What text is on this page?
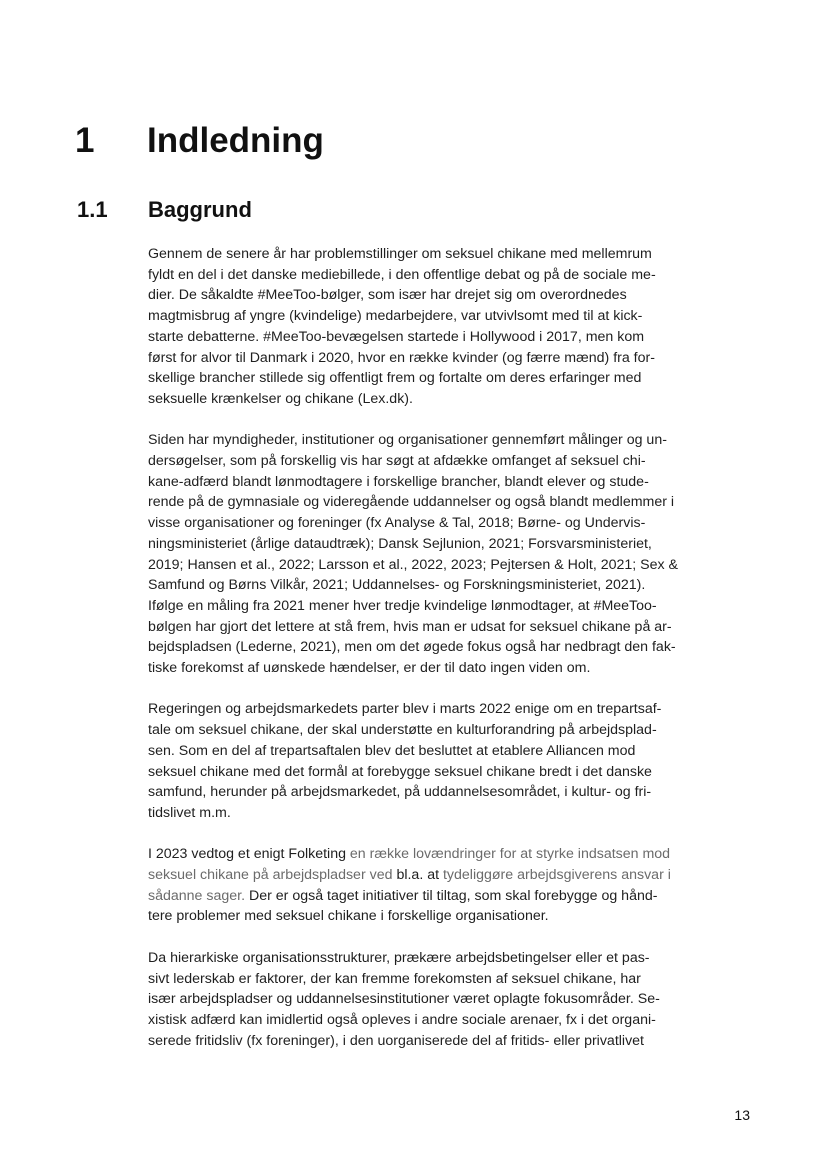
1 Indledning
1.1 Baggrund

Gennem de senere år har problemstillinger om seksuel chikane med mellemrum
fyldt en del i det danske mediebillede, i den offentlige debat og på de sociale me-
dier. De såkaldte #MeeToo-bølger, som især har drejet sig om overordnedes
magtmisbrug af yngre (kvindelige) medarbejdere, var utvivlsomt med til at kick-
starte debatterne. #MeeToo-bevægelsen startede i Hollywood i 2017, men kom
først for alvor til Danmark i 2020, hvor en række kvinder (og færre mænd) fra for-
skellige brancher stillede sig offentligt frem og fortalte om deres erfaringer med
seksuelle krænkelser og chikane (Lex.dk).

Siden har myndigheder, institutioner og organisationer gennemført målinger og un-
dersøgelser, som på forskellig vis har søgt at afdække omfanget af seksuel chi-
kane-adfærd blandt lønmodtagere i forskellige brancher, blandt elever og stude-
rende på de gymnasiale og videregående uddannelser og også blandt medlemmer i
visse organisationer og foreninger (fx Analyse & Tal, 2018; Børne- og Undervis-
ningsministeriet (årlige dataudtræk); Dansk Sejlunion, 2021; Forsvarsministeriet,
2019; Hansen et al., 2022; Larsson et al., 2022, 2023; Pejtersen & Holt, 2021; Sex &
Samfund og Børns Vilkår, 2021; Uddannelses- og Forskningsministeriet, 2021).
Ifølge en måling fra 2021 mener hver tredje kvindelige lønmodtager, at #MeeToo-
bølgen har gjort det lettere at stå frem, hvis man er udsat for seksuel chikane på ar-
bejdspladsen (Lederne, 2021), men om det øgede fokus også har nedbragt den fak-
tiske forekomst af uønskede hændelser, er der til dato ingen viden om.

Regeringen og arbejdsmarkedets parter blev i marts 2022 enige om en trepartsaf-
tale om seksuel chikane, der skal understøtte en kulturforandring på arbejdsplad-
sen. Som en del af trepartsaftalen blev det besluttet at etablere Alliancen mod
seksuel chikane med det formål at forebygge seksuel chikane bredt i det danske
samfund, herunder på arbejdsmarkedet, på uddannelsesområdet, i kultur- og fri-
tidslivet m.m.

I 2023 vedtog et enigt Folketing en række lovændringer for at styrke indsatsen mod
seksuel chikane på arbejdspladser ved bl.a. at tydeliggøre arbejdsgiverens ansvar i
sådanne sager. Der er også taget initiativer til tiltag, som skal forebygge og hånd-
tere problemer med seksuel chikane i forskellige organisationer.

Da hierarkiske organisationsstrukturer, prækære arbejdsbetingelser eller et pas-
sivt lederskab er faktorer, der kan fremme forekomsten af seksuel chikane, har
især arbejdspladser og uddannelsesinstitutioner været oplagte fokusområder. Se-
xistisk adfærd kan imidlertid også opleves i andre sociale arenaer, fx i det organi-
serede fritidsliv (fx foreninger), i den uorganiserede del af fritids- eller privatlivet

13
